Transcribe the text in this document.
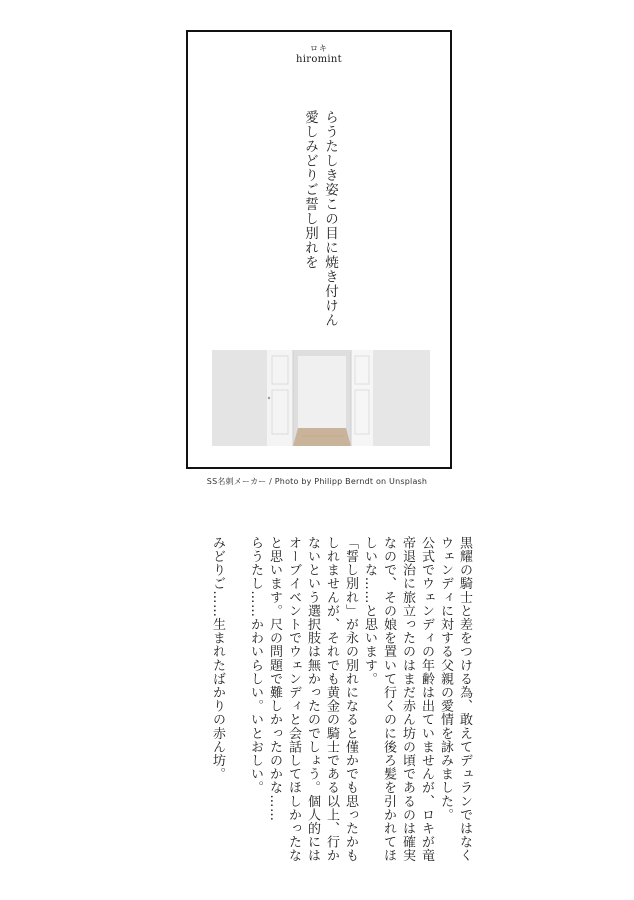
ロキ
hiromint
らうたしき姿この目に焼き付けん
愛しみどりご誓し別れを
SS名刺メーカー / Photo by Philipp Berndt on Unsplash

黒耀の騎士と差をつける為、敢えてデュランではなく

ウェンディに対する父親の愛情を詠みました。

公式でウェンディの年齢は出ていませんが、ロキが竜

帝退治に旅立ったのはまだ赤ん坊の頃であるのは確実

なので、その娘を置いて行くのに後ろ髪を引かれてほ

しいな……と思います。

「誓し別れ」が永の別れになると僅かでも思ったかも

しれませんが、それでも黄金の騎士である以上、行か

ないという選択肢は無かったのでしょう。個人的には

オーブイベントでウェンディと会話してほしかったな

と思います。尺の問題で難しかったのかな……

らうたし……かわいらしい。いとおしい。

みどりご……生まれたばかりの赤ん坊。
